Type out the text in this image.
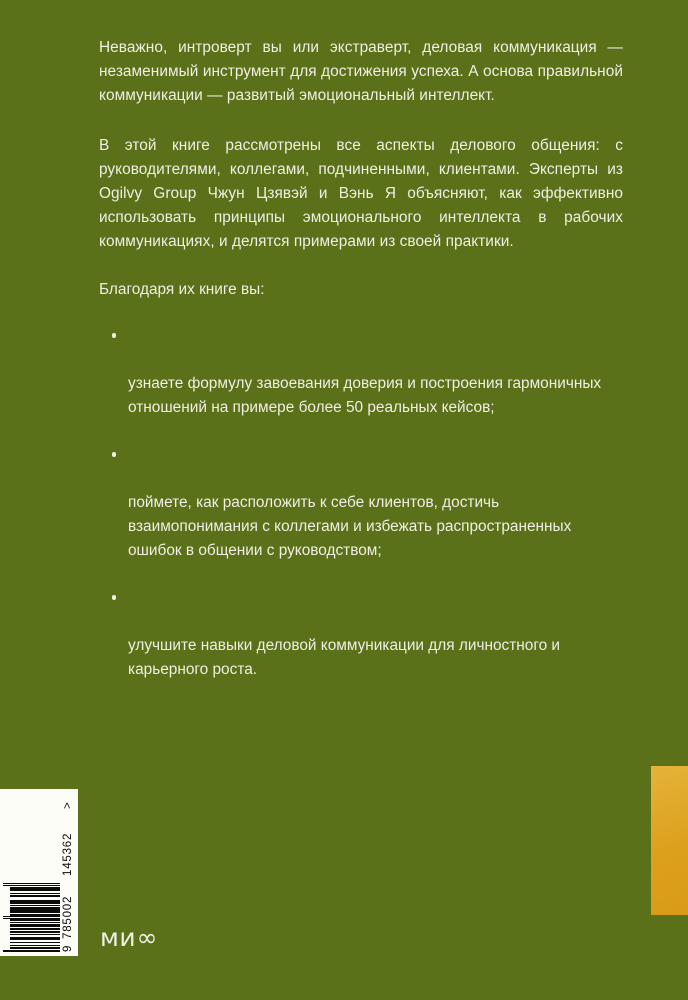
Неважно, интроверт вы или экстраверт, деловая коммуникация — незаменимый инструмент для достижения успеха. А основа правильной коммуникации — развитый эмоциональный интеллект.

В этой книге рассмотрены все аспекты делового общения: с руководителями, коллегами, подчиненными, клиентами. Эксперты из Ogilvy Group Чжун Цзявэй и Вэнь Я объясняют, как эффективно использовать принципы эмоционального интеллекта в рабочих коммуникациях, и делятся примерами из своей практики.

Благодаря их книге вы:

узнаете формулу завоевания доверия и построения гармоничных отношений на примере более 50 реальных кейсов;

поймете, как расположить к себе клиентов, достичь взаимопонимания с коллегами и избежать распространенных ошибок в общении с руководством;

улучшите навыки деловой коммуникации для личностного и карьерного роста.

9
785002
145362
>
ми ∞
